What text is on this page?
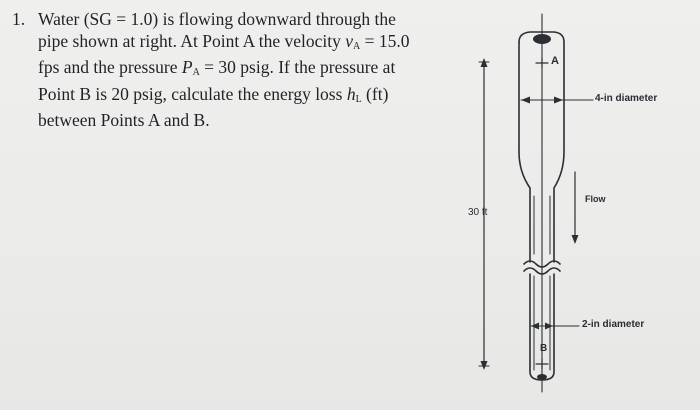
1. Water (SG = 1.0) is flowing downward through the
pipe shown at right. At Point A the velocity $v_A = 15.0$
fps and the pressure $P_A = 30$ psig. If the pressure at
Point B is 20 psig, calculate the energy loss $h_L$ (ft)
between Points A and B.
A
B
30 ft
4-in diameter
Flow
2-in diameter
